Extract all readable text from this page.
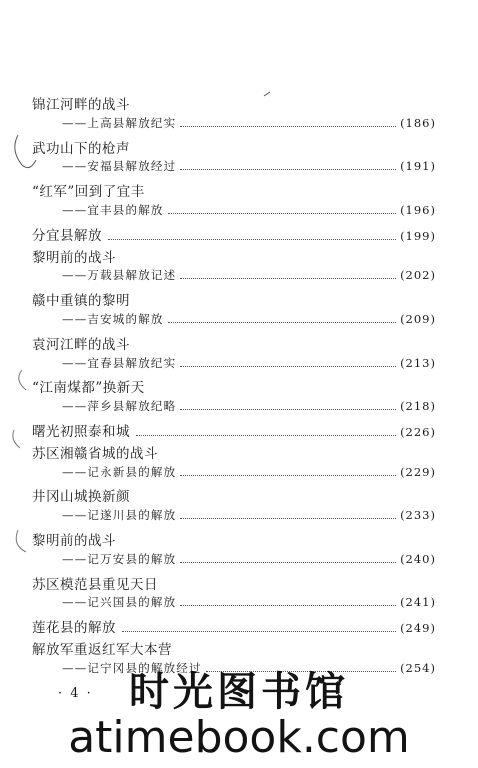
锦江河畔的战斗
——上高县解放纪实	(186)
武功山下的枪声
——安福县解放经过	(191)
“红军”回到了宜丰
——宜丰县的解放	(196)
分宜县解放	(199)
黎明前的战斗
——万载县解放记述	(202)
赣中重镇的黎明
——吉安城的解放	(209)
袁河江畔的战斗
——宜春县解放纪实	(213)
“江南煤都”换新天
——萍乡县解放纪略	(218)
曙光初照泰和城	(226)
苏区湘赣省城的战斗
——记永新县的解放	(229)
井冈山城换新颜
——记遂川县的解放	(233)
黎明前的战斗
——记万安县的解放	(240)
苏区模范县重见天日
——记兴国县的解放	(241)
莲花县的解放	(249)
解放军重返红军大本营
——记宁冈县的解放经过	(254)
· 4 · 时光图书馆
atimebook.com
